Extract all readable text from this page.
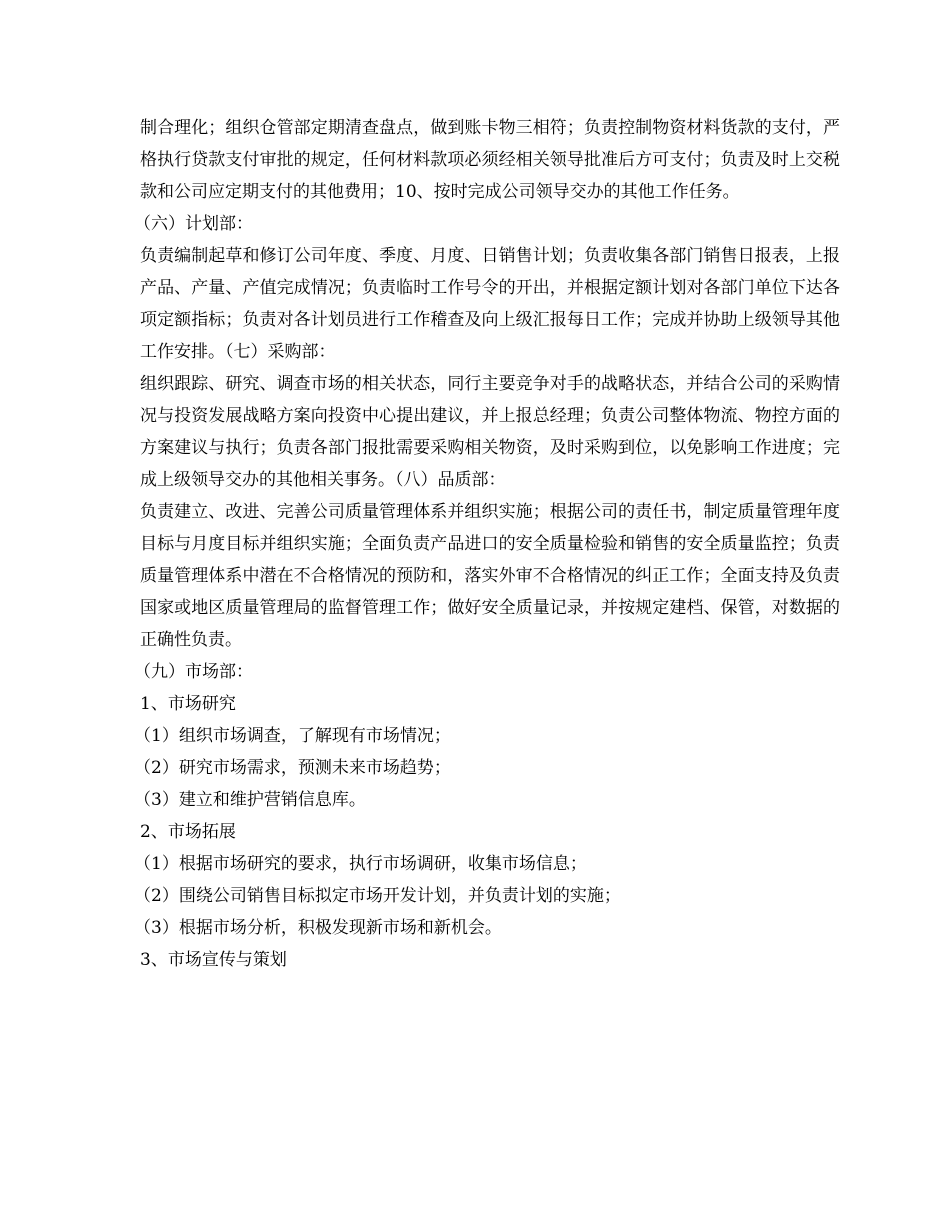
制合理化；组织仓管部定期清查盘点，做到账卡物三相符；负责控制物资材料货款的支付，严格执行贷款支付审批的规定，任何材料款项必须经相关领导批准后方可支付；负责及时上交税款和公司应定期支付的其他费用；10、按时完成公司领导交办的其他工作任务。

（六）计划部：

负责编制起草和修订公司年度、季度、月度、日销售计划；负责收集各部门销售日报表，上报产品、产量、产值完成情况；负责临时工作号令的开出，并根据定额计划对各部门单位下达各项定额指标；负责对各计划员进行工作稽查及向上级汇报每日工作；完成并协助上级领导其他工作安排。（七）采购部：

组织跟踪、研究、调查市场的相关状态，同行主要竞争对手的战略状态，并结合公司的采购情况与投资发展战略方案向投资中心提出建议，并上报总经理；负责公司整体物流、物控方面的方案建议与执行；负责各部门报批需要采购相关物资，及时采购到位，以免影响工作进度；完成上级领导交办的其他相关事务。（八）品质部：

负责建立、改进、完善公司质量管理体系并组织实施；根据公司的责任书，制定质量管理年度目标与月度目标并组织实施；全面负责产品进口的安全质量检验和销售的安全质量监控；负责质量管理体系中潜在不合格情况的预防和，落实外审不合格情况的纠正工作；全面支持及负责国家或地区质量管理局的监督管理工作；做好安全质量记录，并按规定建档、保管，对数据的正确性负责。

（九）市场部：

1、市场研究

（1）组织市场调查，了解现有市场情况；

（2）研究市场需求，预测未来市场趋势；

（3）建立和维护营销信息库。

2、市场拓展

（1）根据市场研究的要求，执行市场调研，收集市场信息；

（2）围绕公司销售目标拟定市场开发计划，并负责计划的实施；

（3）根据市场分析，积极发现新市场和新机会。

3、市场宣传与策划
